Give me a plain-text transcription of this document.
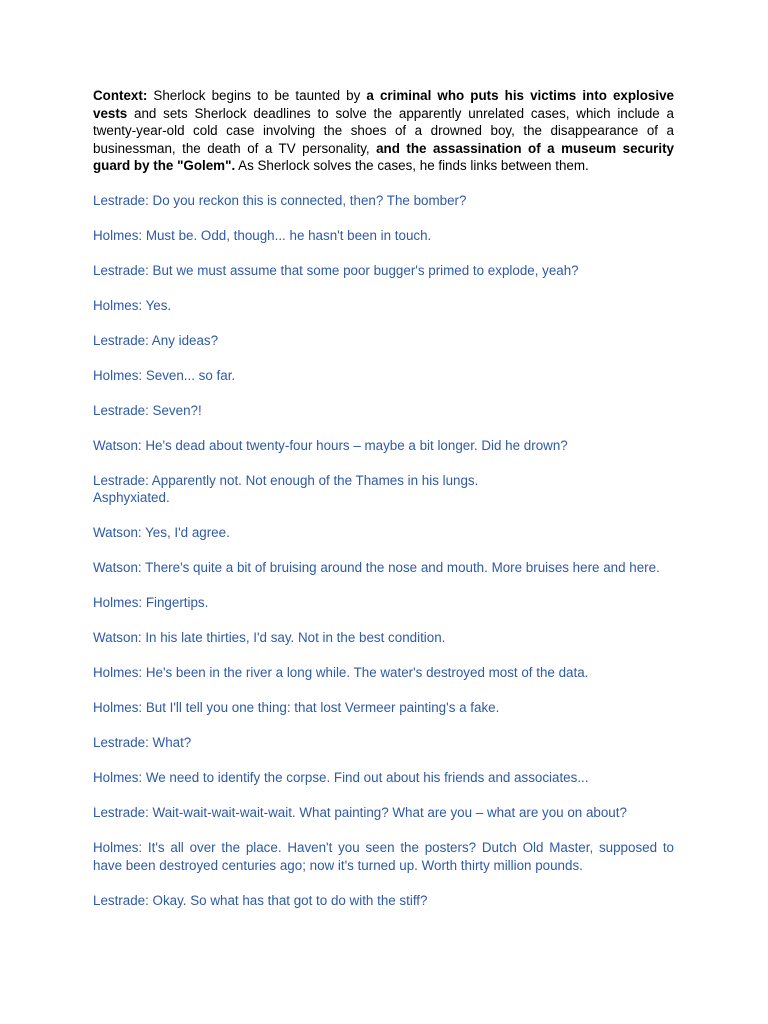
Context: Sherlock begins to be taunted by a criminal who puts his victims into explosive vests and sets Sherlock deadlines to solve the apparently unrelated cases, which include a twenty-year-old cold case involving the shoes of a drowned boy, the disappearance of a businessman, the death of a TV personality, and the assassination of a museum security guard by the "Golem". As Sherlock solves the cases, he finds links between them.

Lestrade: Do you reckon this is connected, then? The bomber?

Holmes: Must be. Odd, though... he hasn't been in touch.

Lestrade: But we must assume that some poor bugger's primed to explode, yeah?

Holmes: Yes.

Lestrade: Any ideas?

Holmes: Seven... so far.

Lestrade: Seven?!

Watson: He's dead about twenty-four hours – maybe a bit longer. Did he drown?

Lestrade: Apparently not. Not enough of the Thames in his lungs.
Asphyxiated.

Watson: Yes, I'd agree.

Watson: There's quite a bit of bruising around the nose and mouth. More bruises here and here.

Holmes: Fingertips.

Watson: In his late thirties, I'd say. Not in the best condition.

Holmes: He's been in the river a long while. The water's destroyed most of the data.

Holmes: But I'll tell you one thing: that lost Vermeer painting's a fake.

Lestrade: What?

Holmes: We need to identify the corpse. Find out about his friends and associates...

Lestrade: Wait-wait-wait-wait-wait. What painting? What are you – what are you on about?

Holmes: It's all over the place. Haven't you seen the posters? Dutch Old Master, supposed to have been destroyed centuries ago; now it's turned up. Worth thirty million pounds.

Lestrade: Okay. So what has that got to do with the stiff?
